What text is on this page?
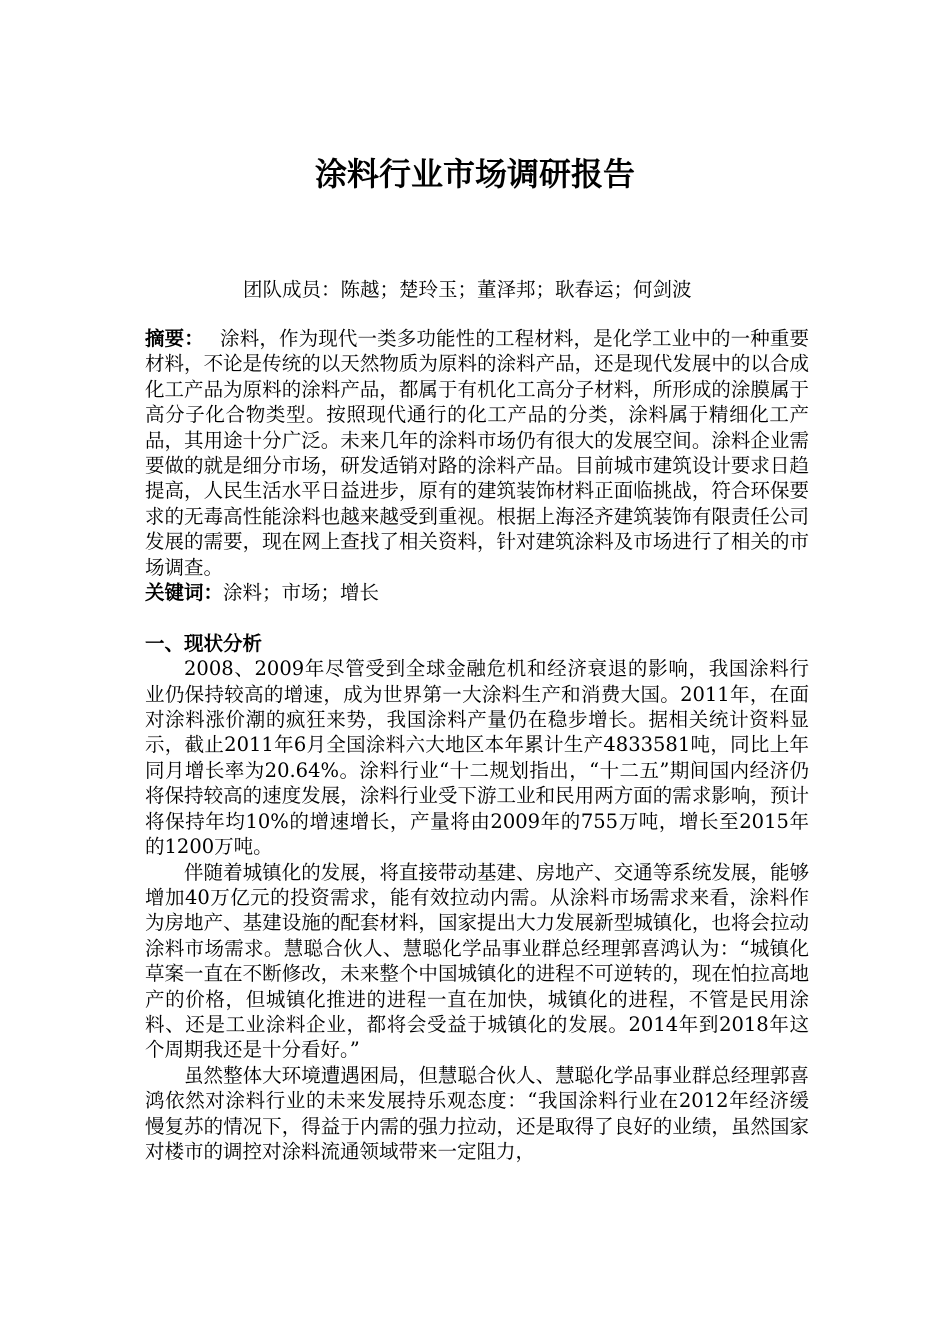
涂料行业市场调研报告
团队成员：陈越；楚玲玉；董泽邦；耿春运；何剑波

摘要： 涂料，作为现代一类多功能性的工程材料，是化学工业中的一种重要材料，不论是传统的以天然物质为原料的涂料产品，还是现代发展中的以合成化工产品为原料的涂料产品，都属于有机化工高分子材料，所形成的涂膜属于高分子化合物类型。按照现代通行的化工产品的分类，涂料属于精细化工产品，其用途十分广泛。未来几年的涂料市场仍有很大的发展空间。涂料企业需要做的就是细分市场，研发适销对路的涂料产品。目前城市建筑设计要求日趋提高，人民生活水平日益进步，原有的建筑装饰材料正面临挑战，符合环保要求的无毒高性能涂料也越来越受到重视。根据上海泾齐建筑装饰有限责任公司发展的需要，现在网上查找了相关资料，针对建筑涂料及市场进行了相关的市场调查。

关键词：涂料；市场；增长

一、现状分析

2008、2009年尽管受到全球金融危机和经济衰退的影响，我国涂料行业仍保持较高的增速，成为世界第一大涂料生产和消费大国。2011年，在面对涂料涨价潮的疯狂来势，我国涂料产量仍在稳步增长。据相关统计资料显示，截止2011年6月全国涂料六大地区本年累计生产4833581吨，同比上年同月增长率为20.64%。涂料行业“十二规划指出，“十二五”期间国内经济仍将保持较高的速度发展，涂料行业受下游工业和民用两方面的需求影响，预计将保持年均10%的增速增长，产量将由2009年的755万吨，增长至2015年的1200万吨。

伴随着城镇化的发展，将直接带动基建、房地产、交通等系统发展，能够增加40万亿元的投资需求，能有效拉动内需。从涂料市场需求来看，涂料作为房地产、基建设施的配套材料，国家提出大力发展新型城镇化，也将会拉动涂料市场需求。慧聪合伙人、慧聪化学品事业群总经理郭喜鸿认为：“城镇化草案一直在不断修改，未来整个中国城镇化的进程不可逆转的，现在怕拉高地产的价格，但城镇化推进的进程一直在加快，城镇化的进程，不管是民用涂料、还是工业涂料企业，都将会受益于城镇化的发展。2014年到2018年这个周期我还是十分看好。”

虽然整体大环境遭遇困局，但慧聪合伙人、慧聪化学品事业群总经理郭喜鸿依然对涂料行业的未来发展持乐观态度：“我国涂料行业在2012年经济缓慢复苏的情况下，得益于内需的强力拉动，还是取得了良好的业绩，虽然国家对楼市的调控对涂料流通领域带来一定阻力，
